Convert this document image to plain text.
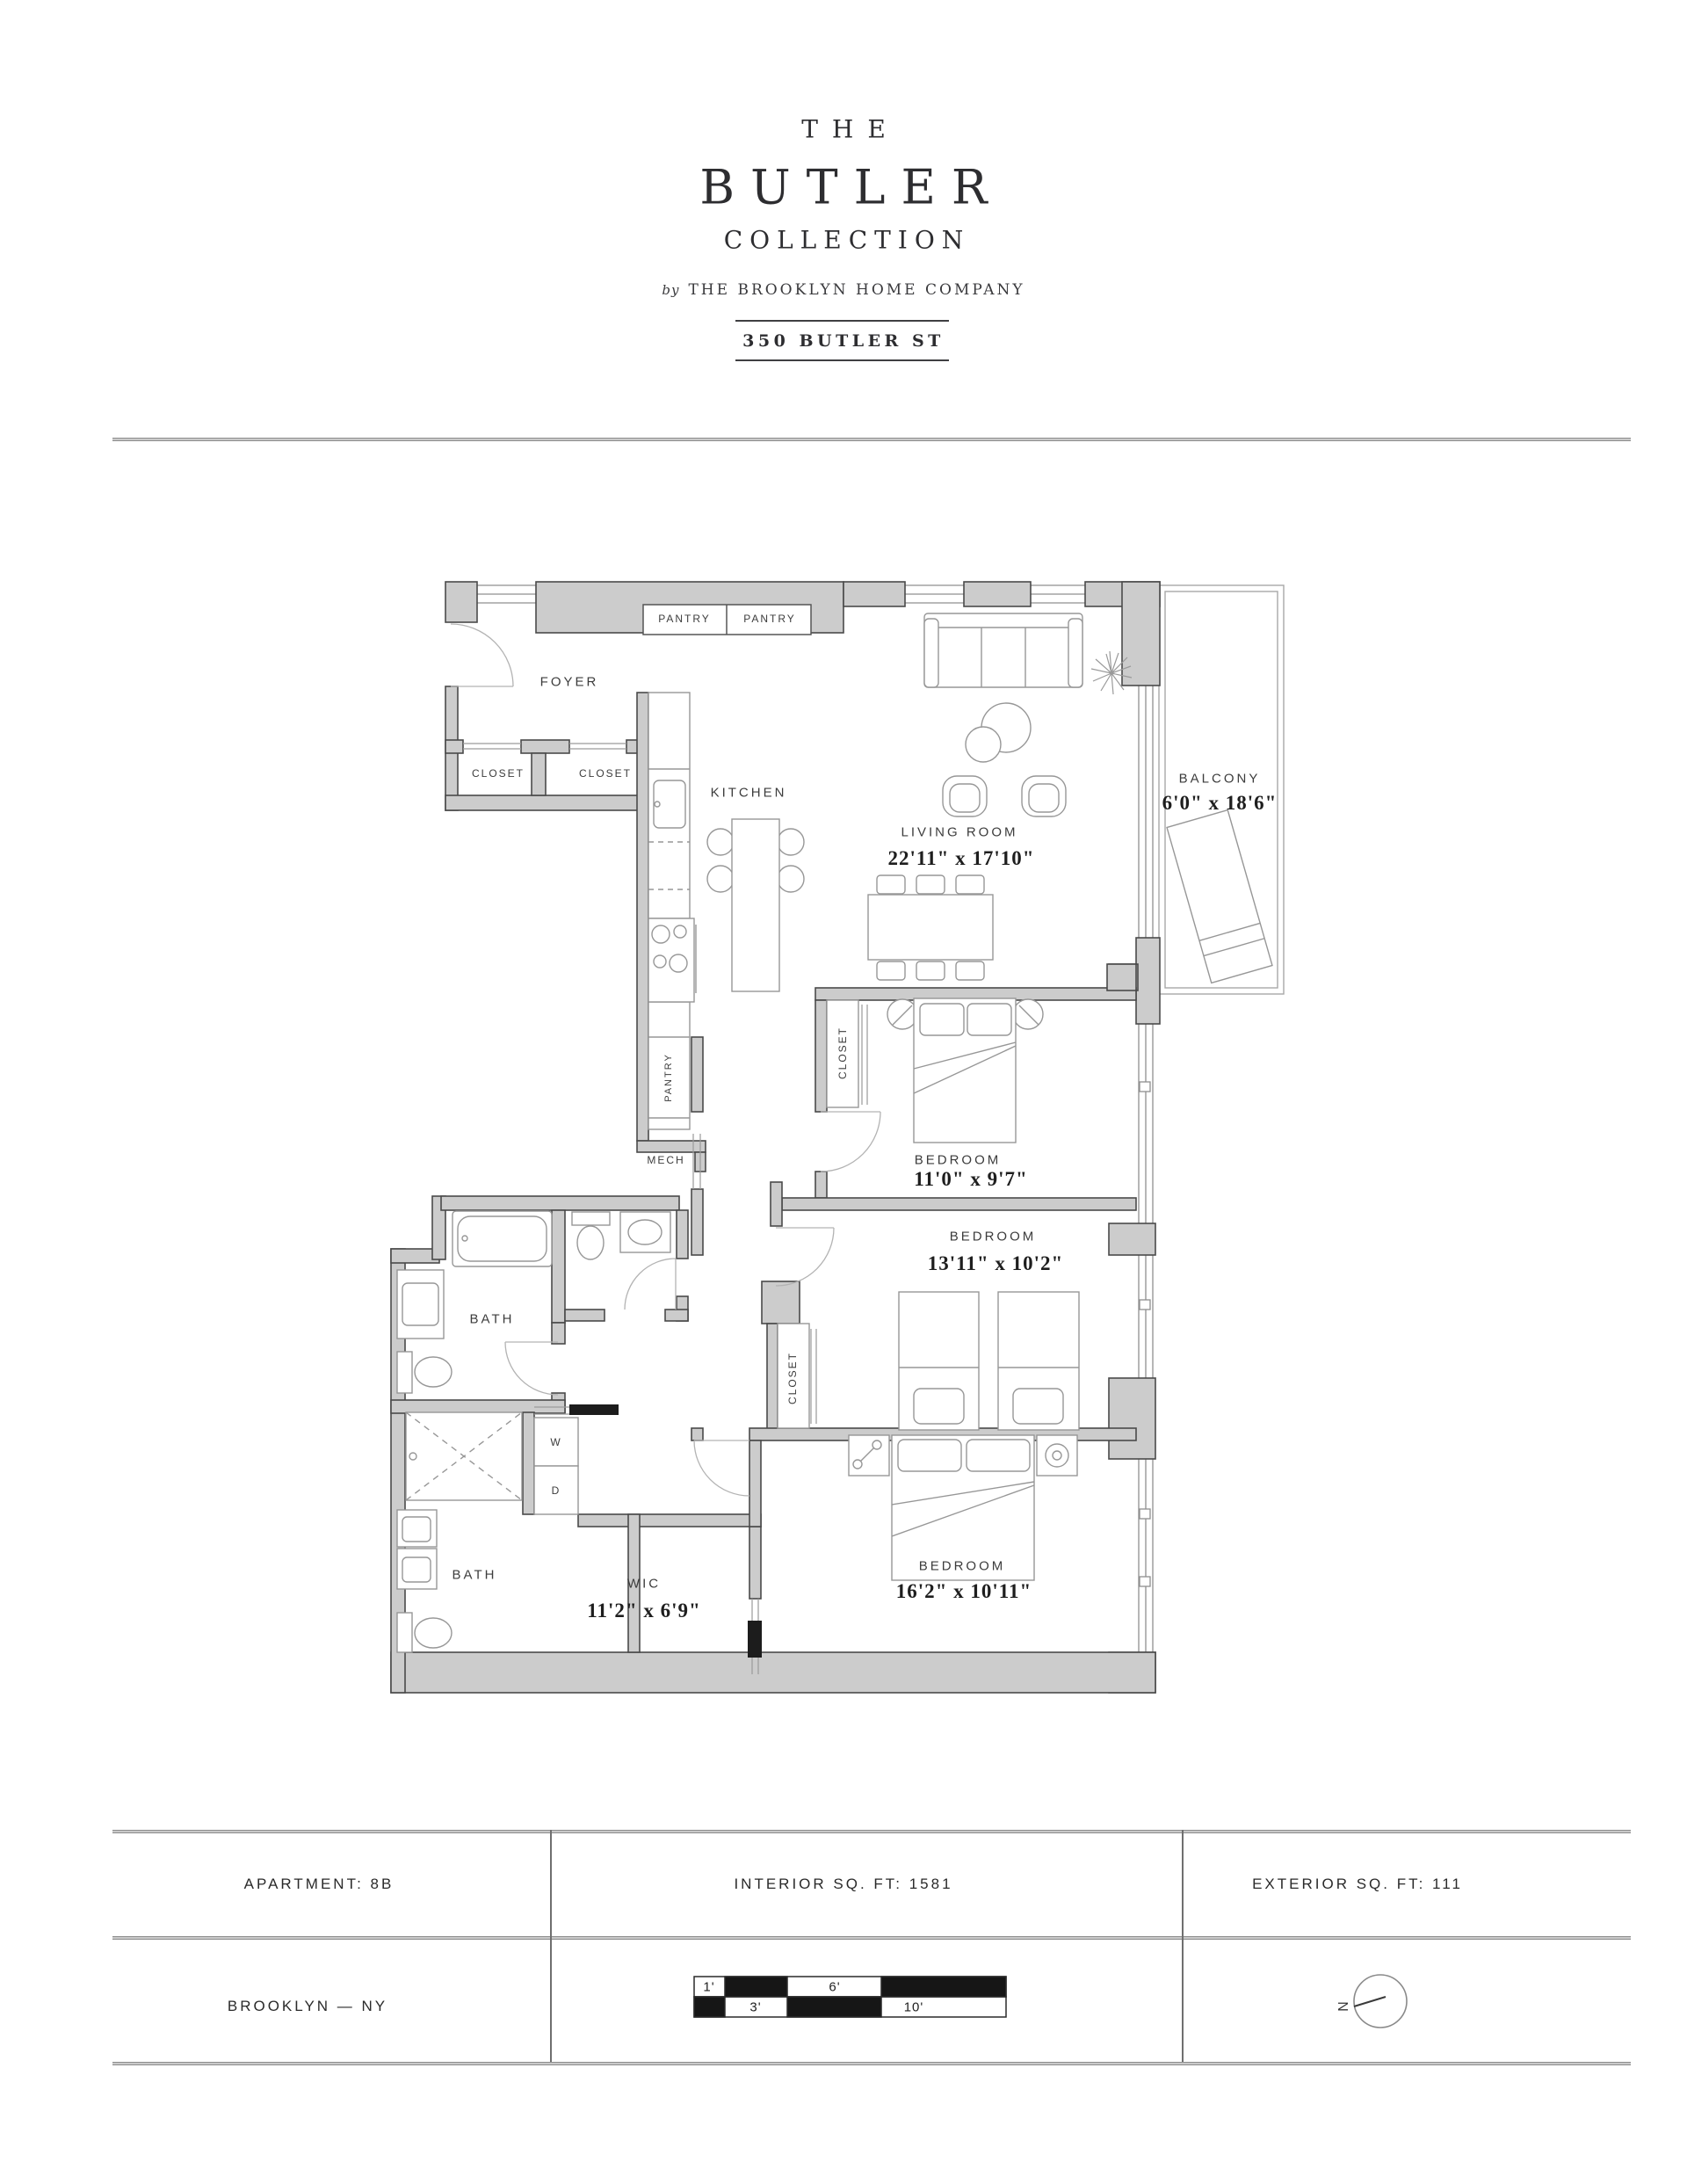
THE
BUTLER
COLLECTION
by THE BROOKLYN HOME COMPANY
350 BUTLER ST
PANTRY	PANTRY
FOYER
CLOSET	CLOSET
KITCHEN
LIVING ROOM
22'11" x 17'10"
BALCONY
6'0" x 18'6"
PANTRY
MECH
CLOSET
BEDROOM
11'0" x 9'7"
BEDROOM
13'11" x 10'2"
CLOSET
BATH
W
D
BATH
WIC
11'2" x 6'9"
BEDROOM
16'2" x 10'11"
APARTMENT: 8B	INTERIOR SQ. FT: 1581	EXTERIOR SQ. FT: 111
BROOKLYN — NY
1'
3'
6'
10'	N
